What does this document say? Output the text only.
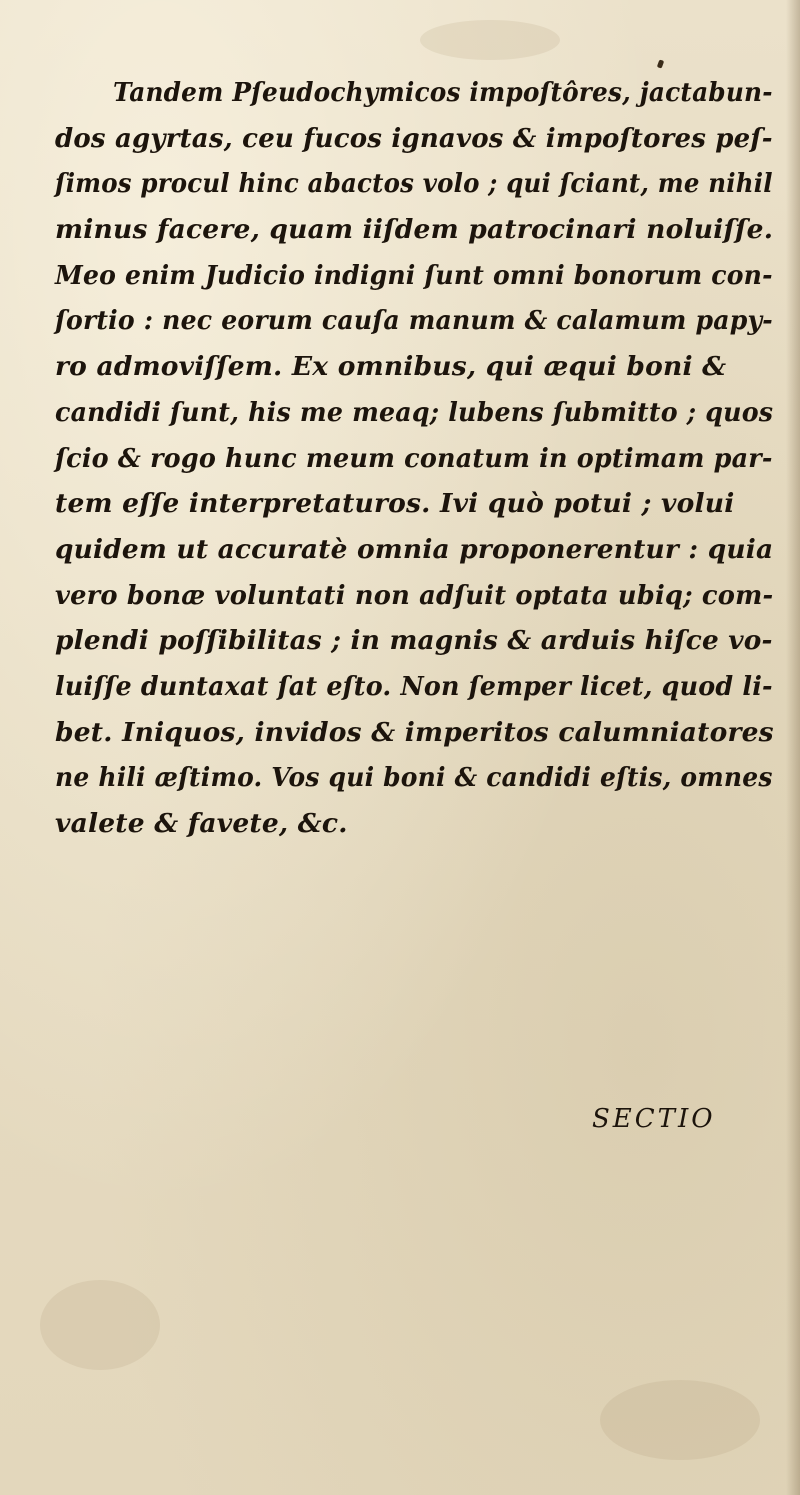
Tandem Pſeudochymicos impoſtôres, jactabun-
dos agyrtas, ceu fucos ignavos & impoſtores peſ-
ſimos procul hinc abactos volo ; qui ſciant, me nihil
minus facere, quam iiſdem patrocinari noluiſſe.
Meo enim Judicio indigni ſunt omni bonorum con-
ſortio : nec eorum cauſa manum & calamum papy-
ro admoviſſem. Ex omnibus, qui æqui boni &
candidi ſunt, his me meaq; lubens ſubmitto ; quos
ſcio & rogo hunc meum conatum in optimam par-
tem eſſe interpretaturos. Ivi quò potui ; volui
quidem ut accuratè omnia proponerentur : quia
vero bonæ voluntati non adſuit optata ubiq; com-
plendi poſſibilitas ; in magnis & arduis hiſce vo-
luiſſe duntaxat ſat eſto. Non ſemper licet, quod li-
bet. Iniquos, invidos & imperitos calumniatores
ne hili æſtimo. Vos qui boni & candidi eſtis, omnes
valete & favete, &c.

SECTIO
